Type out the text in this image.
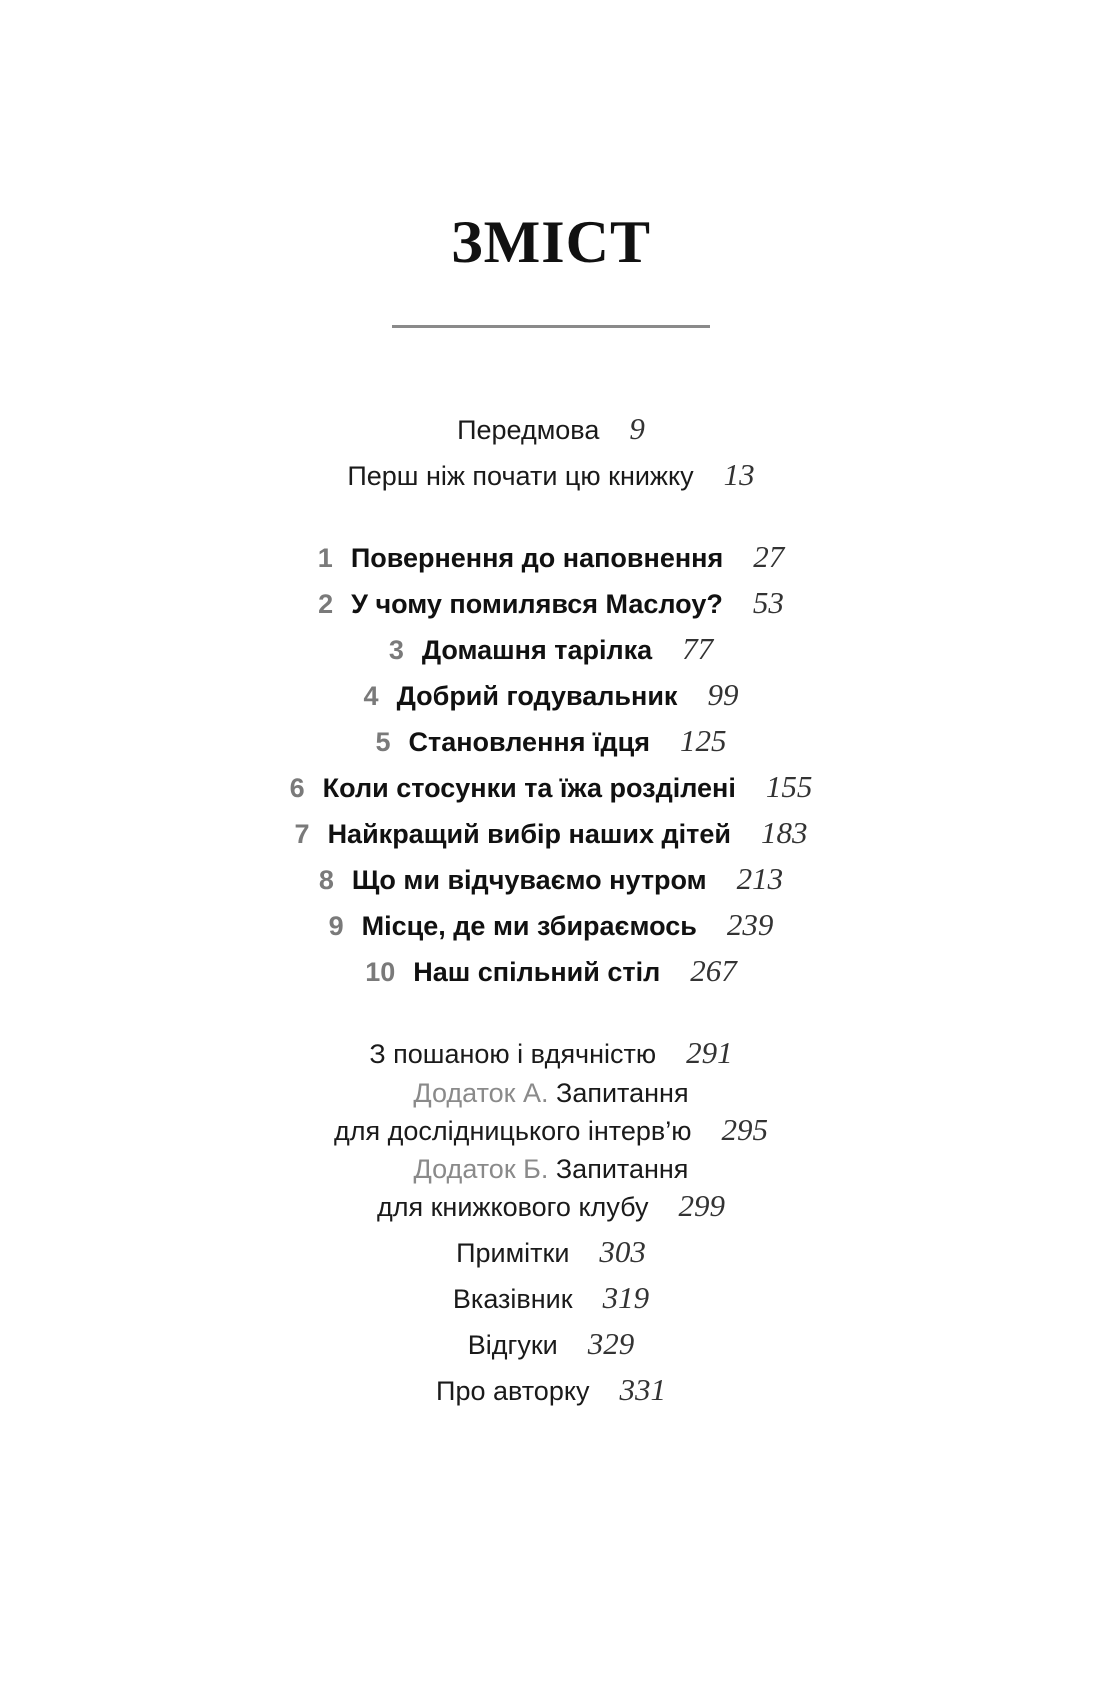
ЗМІСТ
Передмова 9
Перш ніж почати цю книжку 13
1 Повернення до наповнення 27
2 У чому помилявся Маслоу? 53
3 Домашня тарілка 77
4 Добрий годувальник 99
5 Становлення їдця 125
6 Коли стосунки та їжа розділені 155
7 Найкращий вибір наших дітей 183
8 Що ми відчуваємо нутром 213
9 Місце, де ми збираємось 239
10 Наш спільний стіл 267
З пошаною і вдячністю 291
Додаток А. Запитання
для дослідницького інтерв’ю 295
Додаток Б. Запитання
для книжкового клубу 299
Примітки 303
Вказівник 319
Відгуки 329
Про авторку 331
